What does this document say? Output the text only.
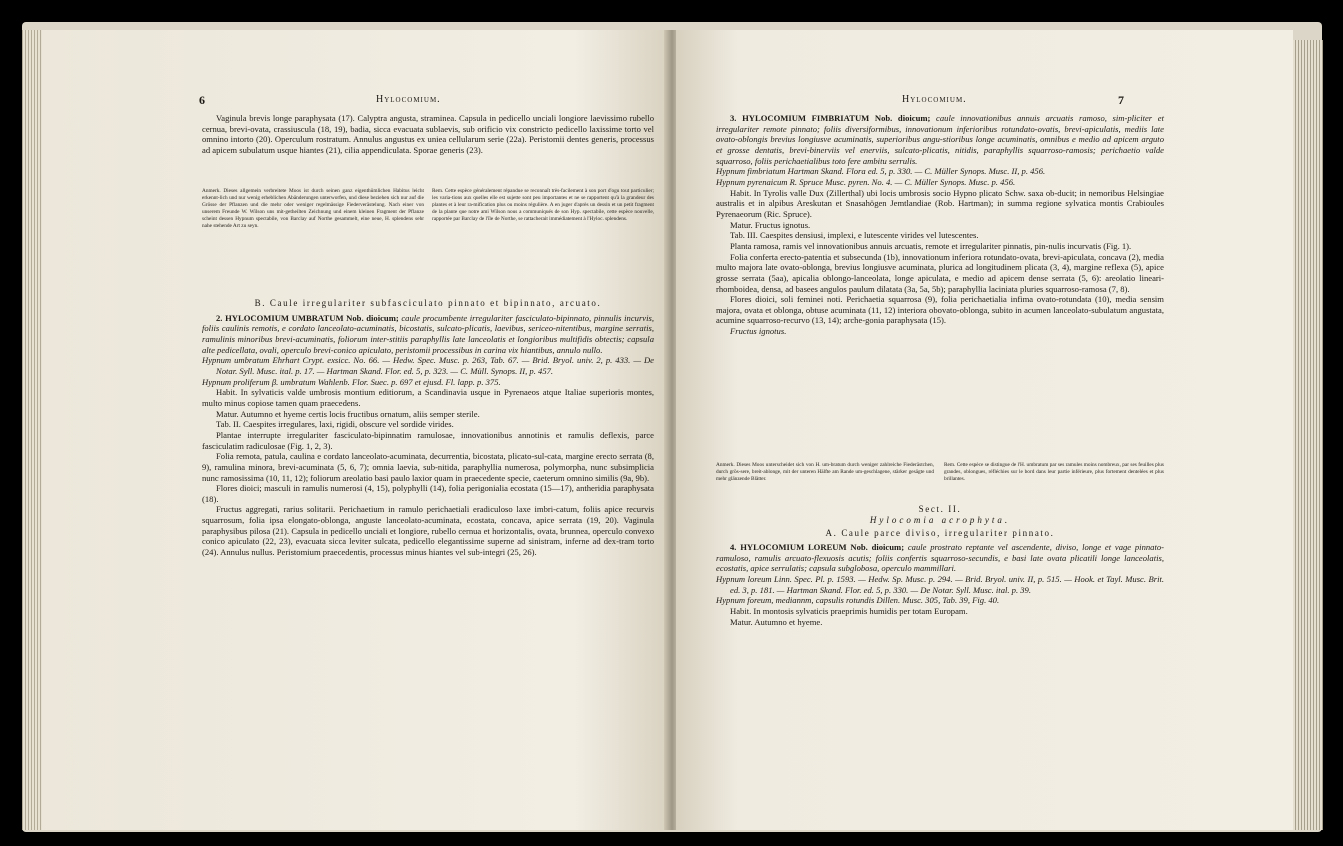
6	Hylocomium.

Vaginula brevis longe paraphysata (17). Calyptra angusta, straminea. Capsula in pedicello unciali longiore laevissimo rubello cernua, brevi-ovata, crassiuscula (18, 19), badia, sicca evacuata sublaevis, sub orificio vix constricto pedicello laxissime torto vel omnino intorto (20). Operculum rostratum. Annulus angustus ex uniea cellularum serie (22a). Peristomii dentes generis, processus ad apicem subulatum usque hiantes (21), cilia appendiculata. Sporae generis (23).

Anmerk. Dieses allgemein verbreitete Moos ist durch seinen ganz eigenthümlichen Habitus leicht erkennt-lich und nur wenig erheblichen Abänderungen unterworfen, und diese beziehen sich nur auf die Grösse der Pflanzen und die mehr oder weniger regelmässige Fiederverästelung. Nach einer von unserem Freunde W. Wilson uns mit-getheilten Zeichnung und einem kleinen Fragment der Pflanze scheint dessen Hypnum spectabile, von Barclay auf Northe gesammelt, eine neue, H. splendens sehr nahe stehende Art zu seyn.
Rem. Cette espèce généralement répandue se reconnaît très-facilement à son port d'ogu tout particulier; les varia-tions aux quelles elle est sujette sont peu importantes et ne se rapportent qu'à la grandeur des plantes et à leur ra-mification plus ou moins régulière. A en juger d'après un dessin et un petit fragment de la plante que notre ami Wilson nous a communiqués de son Hyp. spectabile, cette espèce nouvelle, rapportée par Barclay de l'île de Northe, se rattacherait immédiatement à l'Hyloc. splendens.

B. Caule irregulariter subfasciculato pinnato et bipinnato, arcuato.

2. HYLOCOMIUM UMBRATUM Nob. dioicum; caule procumbente irregulariter fasciculato-bipinnato, pinnulis incurvis, foliis caulinis remotis, e cordato lanceolato-acuminatis, bicostatis, sulcato-plicatis, laevibus, sericeo-nitentibus, margine serratis, ramulinis minoribus brevi-acuminatis, foliorum inter-stitiis paraphyllis late lanceolatis et longioribus multifidis obtectis; capsula alte pedicellata, ovali, operculo brevi-conico apiculato, peristomii processibus in carina vix hiantibus, annulo nullo.

Hypnum umbratum Ehrhart Crypt. exsicc. No. 66. — Hedw. Spec. Musc. p. 263, Tab. 67. — Brid. Bryol. univ. 2, p. 433. — De Notar. Syll. Musc. ital. p. 17. — Hartman Skand. Flor. ed. 5, p. 323. — C. Müll. Synops. II, p. 457.

Hypnum proliferum β. umbratum Wahlenb. Flor. Suec. p. 697 et ejusd. Fl. lapp. p. 375.

Habit. In sylvaticis valde umbrosis montium editiorum, a Scandinavia usque in Pyrenaeos atque Italiae superioris montes, multo minus copiose tamen quam praecedens.

Matur. Autumno et hyeme certis locis fructibus ornatum, aliis semper sterile.

Tab. II. Caespites irregulares, laxi, rigidi, obscure vel sordide virides.

Plantae interrupte irregulariter fasciculato-bipinnatim ramulosae, innovationibus annotinis et ramulis deflexis, parce fasciculatim radiculosae (Fig. 1, 2, 3).

Folia remota, patula, caulina e cordato lanceolato-acuminata, decurrentia, bicostata, plicato-sul-cata, margine erecto serrata (8, 9), ramulina minora, brevi-acuminata (5, 6, 7); omnia laevia, sub-nitida, paraphyllia numerosa, polymorpha, nunc subsimplicia nunc ramosissima (10, 11, 12); foliorum areolatio basi paulo laxior quam in praecedente specie, caeterum omnino similis (9a, 9b).

Flores dioici; masculi in ramulis numerosi (4, 15), polyphylli (14), folia perigonialia ecostata (15—17), antheridia paraphysata (18).

Fructus aggregati, rarius solitarii. Perichaetium in ramulo perichaetiali eradiculoso laxe imbri-catum, foliis apice recurvis squarrosum, folia ipsa elongato-oblonga, anguste lanceolato-acuminata, ecostata, concava, apice serrata (19, 20). Vaginula paraphysibus pilosa (21). Capsula in pedicello unciali et longiore, rubello cernua et horizontalis, ovata, brunnea, operculo convexo conico apiculato (22, 23), evacuata sicca leviter sulcata, pedicello elegantissime superne ad sinistram, inferne ad dex-tram torto (24). Annulus nullus. Peristomium praecedentis, processus minus hiantes vel sub-integri (25, 26).

Hylocomium.	7

3. HYLOCOMIUM FIMBRIATUM Nob. dioicum; caule innovationibus annuis arcuatis ramoso, sim-pliciter et irregulariter remote pinnato; foliis diversiformibus, innovationum inferioribus rotundato-ovatis, brevi-apiculatis, mediis late ovato-oblongis brevius longiusve acuminatis, superioribus angu-stioribus longe acuminatis, omnibus e medio ad apicem arguto et grosse dentatis, brevi-binerviis vel enerviis, sulcato-plicatis, nitidis, paraphyllis squarroso-ramosis; perichaetio valde squarroso, foliis perichaetialibus toto fere ambitu serrulis.

Hypnum fimbriatum Hartman Skand. Flora ed. 5, p. 330. — C. Müller Synops. Musc. II, p. 456.

Hypnum pyrenaicum R. Spruce Musc. pyren. No. 4. — C. Müller Synops. Musc. p. 456.

Habit. In Tyrolis valle Dux (Zillerthal) ubi locis umbrosis socio Hypno plicato Schw. saxa ob-ducit; in nemoribus Helsingiae australis et in alpibus Areskutan et Snasahögen Jemtlandiae (Rob. Hartman); in summa regione sylvatica montis Crabioules Pyrenaeorum (Ric. Spruce).

Matur. Fructus ignotus.

Tab. III. Caespites densiusi, implexi, e lutescente virides vel lutescentes.

Planta ramosa, ramis vel innovationibus annuis arcuatis, remote et irregulariter pinnatis, pin-nulis incurvatis (Fig. 1).

Folia conferta erecto-patentia et subsecunda (1b), innovationum inferiora rotundato-ovata, brevi-apiculata, concava (2), media multo majora late ovato-oblonga, brevius longiusve acuminata, plurica ad longitudinem plicata (3, 4), margine reflexa (5), apice grosse serrata (5aa), apicalia oblongo-lanceolata, longe apiculata, e medio ad apicem dense serrata (5, 6): areolatio lineari-rhomboidea, densa, ad basees angulos paulum dilatata (3a, 5a, 5b); paraphyllia laciniata pluries squarroso-ramosa (7, 8).

Flores dioici, soli feminei noti. Perichaetia squarrosa (9), folia perichaetialia infima ovato-rotundata (10), media sensim majora, ovata et oblonga, obtuse acuminata (11, 12) interiora obovato-oblonga, subito in acumen lanceolato-subulatum angustata, acumine squarroso-recurvo (13, 14); arche-gonia paraphysata (15).

Fructus ignotus.

Anmerk. Dieses Moos unterscheidet sich von H. um-bratum durch weniger zahlreiche Fiederästchen, durch grös-sere, breit-ablonge, mit der unteren Hälfte am Rande um-geschlagene, stärker gesägte und mehr glänzende Blätter.
Rem. Cette espèce se distingue de l'H. umbratum par ses ramules moins nombreux, par ses feuilles plus grandes, oblongues, réfléchies sur le bord dans leur partie inférieure, plus fortement dentelées et plus brillantes.

Sect. II.

Hylocomia acrophyta.

A. Caule parce diviso, irregulariter pinnato.

4. HYLOCOMIUM LOREUM Nob. dioicum; caule prostrato reptante vel ascendente, diviso, longe et vage pinnato-ramuloso, ramulis arcuato-flexuosis acutis; foliis confertis squarroso-secundis, e basi late ovata plicatili longe lanceolatis, ecostatis, apice serrulatis; capsula subglobosa, operculo mammillari.

Hypnum loreum Linn. Spec. Pl. p. 1593. — Hedw. Sp. Musc. p. 294. — Brid. Bryol. univ. II, p. 515. — Hook. et Tayl. Musc. Brit. ed. 3, p. 181. — Hartman Skand. Flor. ed. 5, p. 330. — De Notar. Syll. Musc. ital. p. 39.

Hypnum foreum, mediannm, capsulis rotundis Dillen. Musc. 305, Tab. 39, Fig. 40.

Habit. In montosis sylvaticis praeprimis humidis per totam Europam.

Matur. Autumno et hyeme.
